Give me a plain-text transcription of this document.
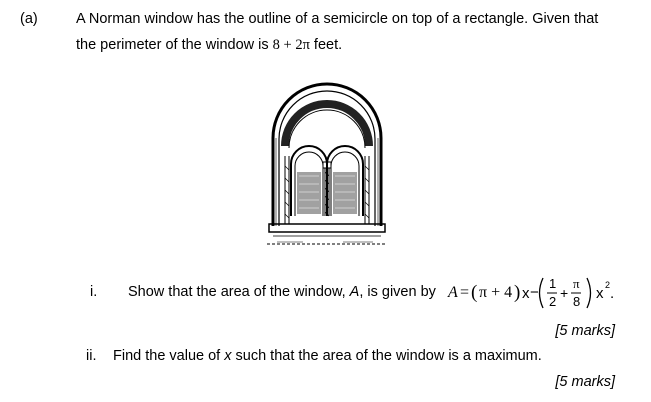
(a)	A Norman window has the outline of a semicircle on top of a rectangle. Given that
the perimeter of the window is 8 + 2π feet.
i. Show that the area of the window, A, is given by A = ( π + 4 ) x −
1
2
+
π
8 x 2 .
[5 marks]
ii. Find the value of x such that the area of the window is a maximum.
[5 marks]
